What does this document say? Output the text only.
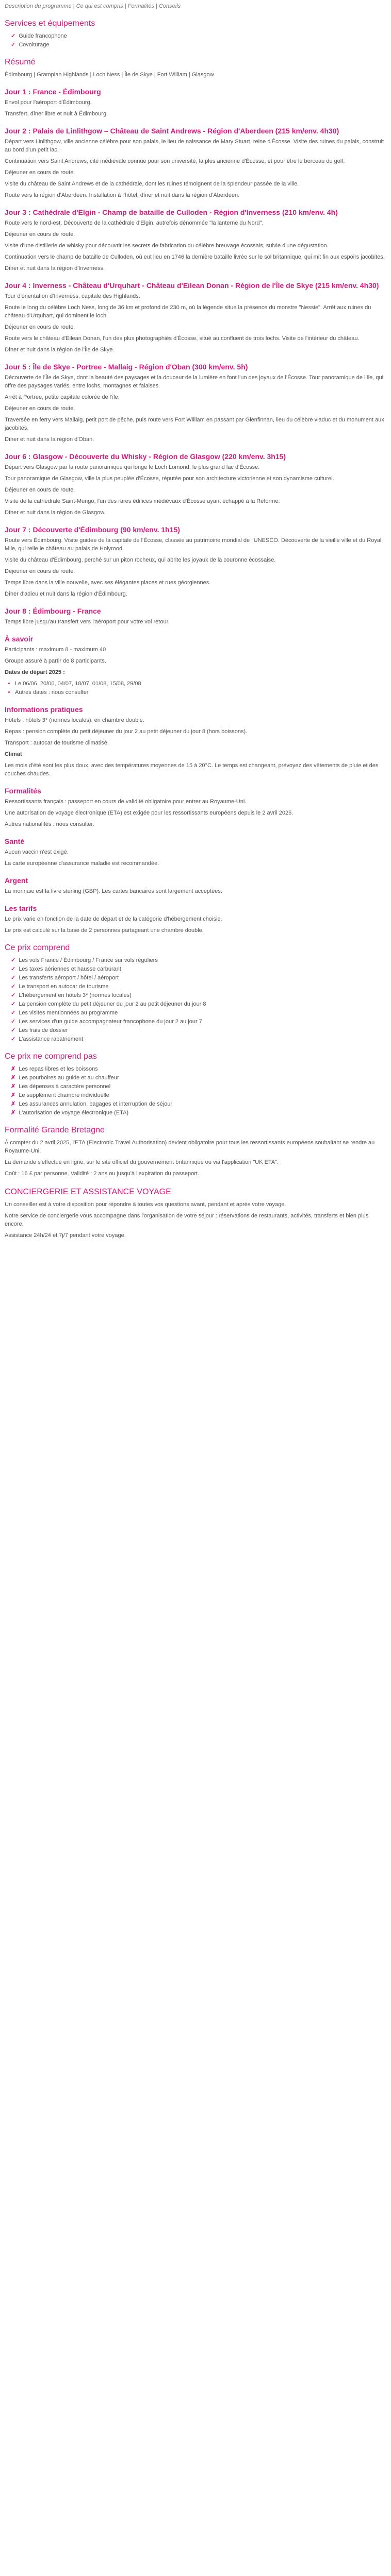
Description du programme | Ce qui est compris | Formalités | Conseils

Services et équipements
✓ Guide francophone
✓ Covoiturage
Résumé

Édimbourg | Grampian Highlands | Loch Ness | Île de Skye | Fort William | Glasgow

Jour 1 : France - Édimbourg

Envol pour l'aéroport d'Édimbourg.

Transfert, dîner libre et nuit à Édimbourg.

Jour 2 : Palais de Linlithgow – Château de Saint Andrews - Région d'Aberdeen (215 km/env. 4h30)

Départ vers Linlithgow, ville ancienne célèbre pour son palais, le lieu de naissance de Mary Stuart, reine d'Écosse. Visite des ruines du palais, construit au bord d'un petit lac.

Continuation vers Saint Andrews, cité médiévale connue pour son université, la plus ancienne d'Écosse, et pour être le berceau du golf.

Déjeuner en cours de route.

Visite du château de Saint Andrews et de la cathédrale, dont les ruines témoignent de la splendeur passée de la ville.

Route vers la région d'Aberdeen. Installation à l'hôtel, dîner et nuit dans la région d'Aberdeen.

Jour 3 : Cathédrale d'Elgin - Champ de bataille de Culloden - Région d'Inverness (210 km/env. 4h)

Route vers le nord-est. Découverte de la cathédrale d'Elgin, autrefois dénommée "la lanterne du Nord".

Déjeuner en cours de route.

Visite d'une distillerie de whisky pour découvrir les secrets de fabrication du célèbre breuvage écossais, suivie d'une dégustation.

Continuation vers le champ de bataille de Culloden, où eut lieu en 1746 la dernière bataille livrée sur le sol britannique, qui mit fin aux espoirs jacobites.

Dîner et nuit dans la région d'Inverness.

Jour 4 : Inverness - Château d'Urquhart - Château d'Eilean Donan - Région de l'Île de Skye (215 km/env. 4h30)

Tour d'orientation d'Inverness, capitale des Highlands.

Route le long du célèbre Loch Ness, long de 36 km et profond de 230 m, où la légende situe la présence du monstre "Nessie". Arrêt aux ruines du château d'Urquhart, qui dominent le loch.

Déjeuner en cours de route.

Route vers le château d'Eilean Donan, l'un des plus photographiés d'Écosse, situé au confluent de trois lochs. Visite de l'intérieur du château.

Dîner et nuit dans la région de l'Île de Skye.

Jour 5 : Île de Skye - Portree - Mallaig - Région d'Oban (300 km/env. 5h)

Découverte de l'Île de Skye, dont la beauté des paysages et la douceur de la lumière en font l'un des joyaux de l'Écosse. Tour panoramique de l'île, qui offre des paysages variés, entre lochs, montagnes et falaises.

Arrêt à Portree, petite capitale colorée de l'île.

Déjeuner en cours de route.

Traversée en ferry vers Mallaig, petit port de pêche, puis route vers Fort William en passant par Glenfinnan, lieu du célèbre viaduc et du monument aux jacobites.

Dîner et nuit dans la région d'Oban.

Jour 6 : Glasgow - Découverte du Whisky - Région de Glasgow (220 km/env. 3h15)

Départ vers Glasgow par la route panoramique qui longe le Loch Lomond, le plus grand lac d'Écosse.

Tour panoramique de Glasgow, ville la plus peuplée d'Écosse, réputée pour son architecture victorienne et son dynamisme culturel.

Déjeuner en cours de route.

Visite de la cathédrale Saint-Mungo, l'un des rares édifices médiévaux d'Écosse ayant échappé à la Réforme.

Dîner et nuit dans la région de Glasgow.

Jour 7 : Découverte d'Édimbourg (90 km/env. 1h15)

Route vers Édimbourg. Visite guidée de la capitale de l'Écosse, classée au patrimoine mondial de l'UNESCO. Découverte de la vieille ville et du Royal Mile, qui relie le château au palais de Holyrood.

Visite du château d'Édimbourg, perché sur un piton rocheux, qui abrite les joyaux de la couronne écossaise.

Déjeuner en cours de route.

Temps libre dans la ville nouvelle, avec ses élégantes places et rues géorgiennes.

Dîner d'adieu et nuit dans la région d'Édimbourg.

Jour 8 : Édimbourg - France

Temps libre jusqu'au transfert vers l'aéroport pour votre vol retour.

À savoir

Participants : maximum 8 - maximum 40

Groupe assuré à partir de 8 participants.

Dates de départ 2025 :

• Le 06/06, 20/06, 04/07, 18/07, 01/08, 15/08, 29/08
• Autres dates : nous consulter
Informations pratiques

Hôtels : hôtels 3* (normes locales), en chambre double.

Repas : pension complète du petit déjeuner du jour 2 au petit déjeuner du jour 8 (hors boissons).

Transport : autocar de tourisme climatisé.

Climat

Les mois d'été sont les plus doux, avec des températures moyennes de 15 à 20°C. Le temps est changeant, prévoyez des vêtements de pluie et des couches chaudes.

Formalités

Ressortissants français : passeport en cours de validité obligatoire pour entrer au Royaume-Uni.

Une autorisation de voyage électronique (ETA) est exigée pour les ressortissants européens depuis le 2 avril 2025.

Autres nationalités : nous consulter.

Santé

Aucun vaccin n'est exigé.

La carte européenne d'assurance maladie est recommandée.

Argent

La monnaie est la livre sterling (GBP). Les cartes bancaires sont largement acceptées.

Les tarifs

Le prix varie en fonction de la date de départ et de la catégorie d'hébergement choisie.

Le prix est calculé sur la base de 2 personnes partageant une chambre double.

Ce prix comprend
✓ Les vols France / Édimbourg / France sur vols réguliers
✓ Les taxes aériennes et hausse carburant
✓ Les transferts aéroport / hôtel / aéroport
✓ Le transport en autocar de tourisme
✓ L'hébergement en hôtels 3* (normes locales)
✓ La pension complète du petit déjeuner du jour 2 au petit déjeuner du jour 8
✓ Les visites mentionnées au programme
✓ Les services d'un guide accompagnateur francophone du jour 2 au jour 7
✓ Les frais de dossier
✓ L'assistance rapatriement
Ce prix ne comprend pas
✗ Les repas libres et les boissons
✗ Les pourboires au guide et au chauffeur
✗ Les dépenses à caractère personnel
✗ Le supplément chambre individuelle
✗ Les assurances annulation, bagages et interruption de séjour
✗ L'autorisation de voyage électronique (ETA)
Formalité Grande Bretagne

À compter du 2 avril 2025, l'ETA (Electronic Travel Authorisation) devient obligatoire pour tous les ressortissants européens souhaitant se rendre au Royaume-Uni.

La demande s'effectue en ligne, sur le site officiel du gouvernement britannique ou via l'application "UK ETA".

Coût : 16 £ par personne. Validité : 2 ans ou jusqu'à l'expiration du passeport.

CONCIERGERIE ET ASSISTANCE VOYAGE

Un conseiller est à votre disposition pour répondre à toutes vos questions avant, pendant et après votre voyage.

Notre service de conciergerie vous accompagne dans l'organisation de votre séjour : réservations de restaurants, activités, transferts et bien plus encore.

Assistance 24h/24 et 7j/7 pendant votre voyage.
